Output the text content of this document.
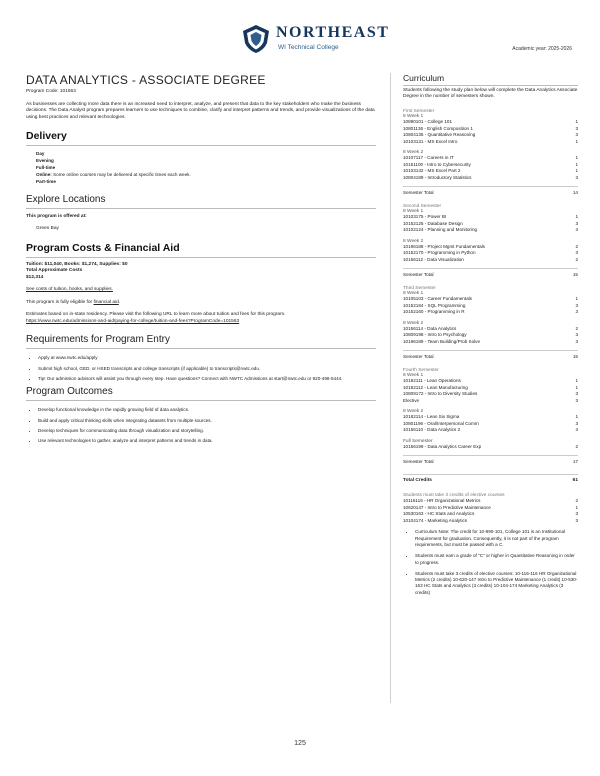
NORTHEAST
WI Technical College	Academic year: 2025-2026
DATA ANALYTICS - ASSOCIATE DEGREE
Program Code: 101563
As businesses are collecting more data there is an increased need to interpret, analyze, and present that data to the key stakeholders who make the business decisions. The Data Analyst program prepares learners to use techniques to combine, clarify and interpret patterns and trends, and provide visualizations of the data using best practices and relevant technologies.
Delivery
Day
Evening
Full-time
Online: Some online courses may be delivered at specific times each week.
Part-time
Explore Locations
This program is offered at:
Green Bay
Program Costs & Financial Aid
Tuition: $11,040, Books: $1,274, Supplies: $0
Total Approximate Costs
$12,314
See costs of tuition, books, and supplies.
This program is fully eligible for financial aid.
Estimates based on in-state residency. Please visit the following URL to learn more about tuition and fees for this program.
https://www.nwtc.edu/admissions-and-aid/paying-for-college/tuition-and-fees?ProgramCode=101563
Requirements for Program Entry
• Apply at www.nwtc.edu/apply
• Submit high school, GED, or HSED transcripts and college transcripts (if applicable) to transcripts@nwtc.edu.
• Tip! Our admission advisors will assist you through every step. Have questions? Connect with NWTC Admissions at start@nwtc.edu or 920-498-5444.
Program Outcomes
• Develop functional knowledge in the rapidly growing field of data analytics.
• Build and apply critical thinking skills when integrating datasets from multiple sources.
• Develop techniques for communicating data through visualization and storytelling.
• Use relevant technologies to gather, analyze and interpret patterns and trends in data.
Curriculum
Students following the study plan below will complete the Data Analytics Associate Degree in the number of semesters shown.
First Semester
8 Week 1
10890101 - College 101	1
10801136 - English Composition 1	3
10804135 - Quantitative Reasoning	3
10103131 - MS Excel Intro	1
8 Week 2
10107117 - Careers in IT	1
10151100 - Intro to Cybersecurity	1
10103132 - MS Excel Part 2	1
10804189 - Introductory Statistics	3
Semester Total	14
Second Semester
8 Week 1
10103175 - Power BI	1
10152125 - Database Design	3
10102124 - Planning and Monitoring	3
8 Week 2
10196188 - Project Mgmt Fundamentals	2
10152170 - Programming in Python	3
10156112 - Data Visualization	2
Semester Total	15
Third Semester
8 Week 1
10105103 - Career Fundamentals	1
10152184 - SQL Programming	3
10152160 - Programming in R	3
8 Week 2
10156114 - Data Analytics	2
10809198 - Intro to Psychology	3
10196189 - Team Building/Prob Solve	3
Semester Total	15
Fourth Semester
8 Week 1
10182111 - Lean Operations	1
10182112 - Lean Manufacturing	1
10809172 - Intro to Diversity Studies	3
Elective	3
8 Week 2
10182114 - Lean Six Sigma	1
10801196 - Oral/Interpersonal Comm	3
10156110 - Data Analytics 2	3
Full Semester
10156199 - Data Analytics Career Exp	2
Semester Total	17
Total Credits	61
Students must take 3 credits of elective courses
10116116 - HR Organizational Metrics	2
10620147 - Intro to Predictive Maintenance	1
10530163 - HC Stats and Analytics	3
10104174 - Marketing Analytics	3
• Curriculum Note: The credit for 10-890-101, College 101 is an Institutional Requirement for graduation. Consequently, it is not part of the program requirements, but must be passed with a C.
• Students must earn a grade of "C" or higher in Quantitative Reasoning in order to progress.
• Students must take 3 credits of elective courses: 10-116-116 HR Organizational Metrics (2 credits) 10-620-147 Intro to Predictive Maintenance (1 credit) 10-530-163 HC Stats and Analytics (3 credits) 10-104-174 Marketing Analytics (3 credits)
125
